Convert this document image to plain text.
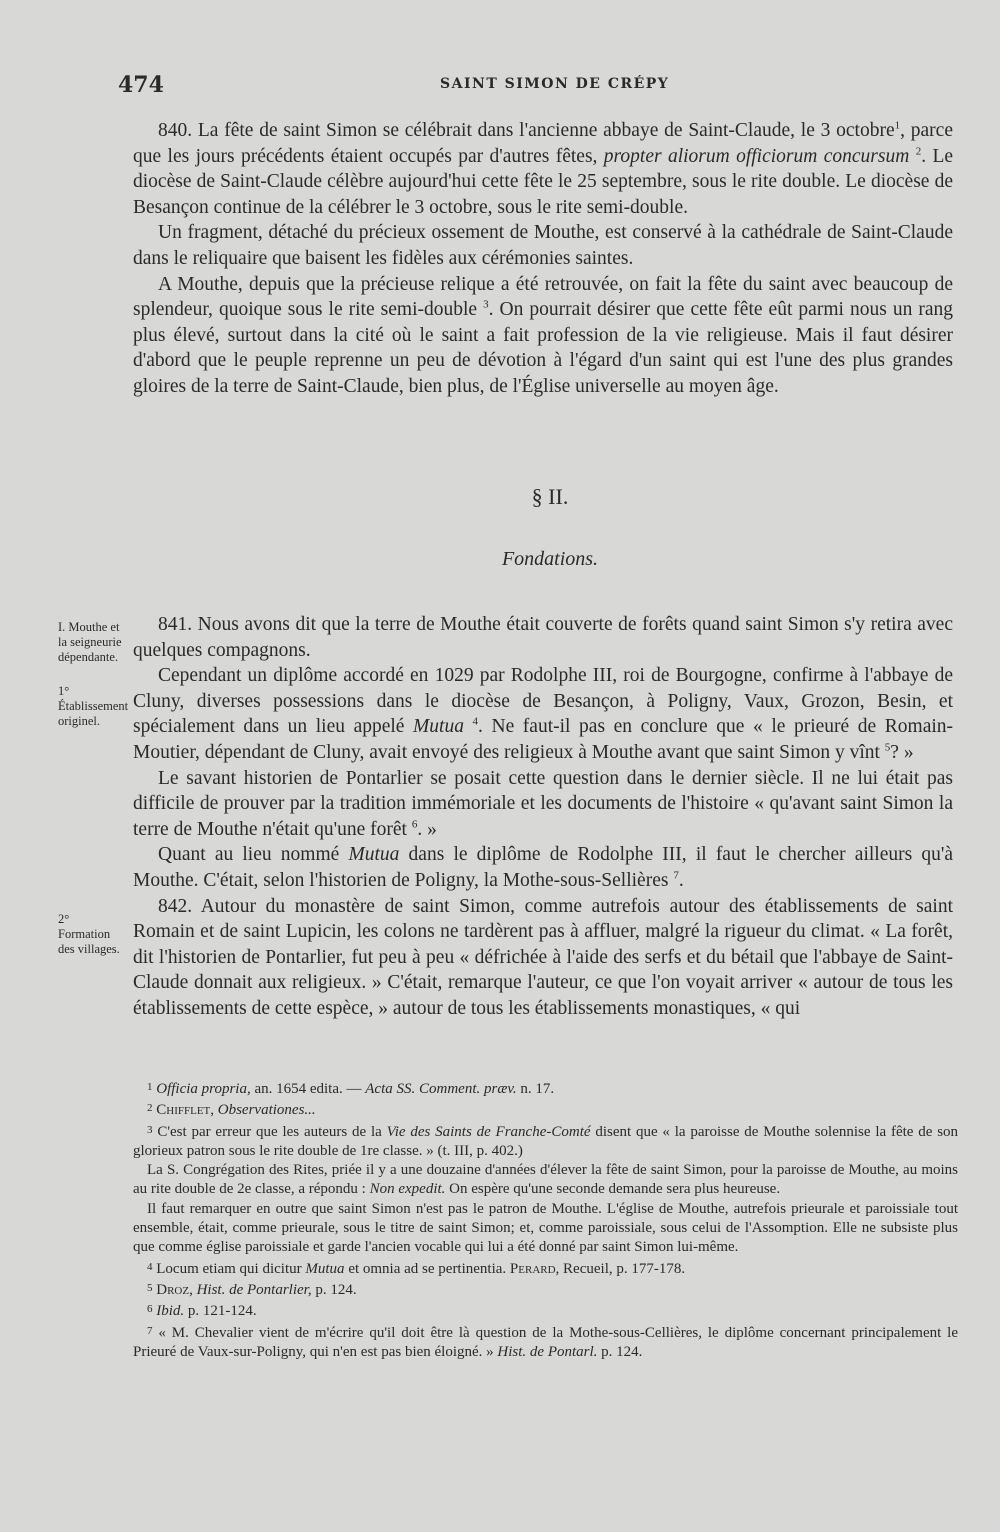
474	SAINT SIMON DE CRÉPY

840. La fête de saint Simon se célébrait dans l'ancienne abbaye de Saint-Claude, le 3 octobre$^1$, parce que les jours précédents étaient occupés par d'autres fêtes, propter aliorum officiorum concursum $^2$. Le diocèse de Saint-Claude célèbre aujourd'hui cette fête le 25 septembre, sous le rite double. Le diocèse de Besançon continue de la célébrer le 3 octobre, sous le rite semi-double.

Un fragment, détaché du précieux ossement de Mouthe, est conservé à la cathédrale de Saint-Claude dans le reliquaire que baisent les fidèles aux cérémonies saintes.

A Mouthe, depuis que la précieuse relique a été retrouvée, on fait la fête du saint avec beaucoup de splendeur, quoique sous le rite semi-double $^3$. On pourrait désirer que cette fête eût parmi nous un rang plus élevé, surtout dans la cité où le saint a fait profession de la vie religieuse. Mais il faut désirer d'abord que le peuple reprenne un peu de dévotion à l'égard d'un saint qui est l'une des plus grandes gloires de la terre de Saint-Claude, bien plus, de l'Église universelle au moyen âge.

§ II.
Fondations.
I. Mouthe et la seigneurie dépendante.
1° Établissement originel.
2° Formation des villages.

841. Nous avons dit que la terre de Mouthe était couverte de forêts quand saint Simon s'y retira avec quelques compagnons.

Cependant un diplôme accordé en 1029 par Rodolphe III, roi de Bourgogne, confirme à l'abbaye de Cluny, diverses possessions dans le diocèse de Besançon, à Poligny, Vaux, Grozon, Besin, et spécialement dans un lieu appelé Mutua $^4$. Ne faut-il pas en conclure que « le prieuré de Romain-Moutier, dépendant de Cluny, avait envoyé des religieux à Mouthe avant que saint Simon y vînt $^5$? »

Le savant historien de Pontarlier se posait cette question dans le dernier siècle. Il ne lui était pas difficile de prouver par la tradition immémoriale et les documents de l'histoire « qu'avant saint Simon la terre de Mouthe n'était qu'une forêt $^6$. »

Quant au lieu nommé Mutua dans le diplôme de Rodolphe III, il faut le chercher ailleurs qu'à Mouthe. C'était, selon l'historien de Poligny, la Mothe-sous-Sellières $^7$.

842. Autour du monastère de saint Simon, comme autrefois autour des établissements de saint Romain et de saint Lupicin, les colons ne tardèrent pas à affluer, malgré la rigueur du climat. « La forêt, dit l'historien de Pontarlier, fut peu à peu « défrichée à l'aide des serfs et du bétail que l'abbaye de Saint-Claude donnait aux religieux. » C'était, remarque l'auteur, ce que l'on voyait arriver « autour de tous les établissements de cette espèce, » autour de tous les établissements monastiques, « qui

$^1$ Officia propria, an. 1654 edita. — Acta SS. Comment. præv. n. 17.

$^2$ Chifflet, Observationes...

$^3$ C'est par erreur que les auteurs de la Vie des Saints de Franche-Comté disent que « la paroisse de Mouthe solennise la fête de son glorieux patron sous le rite double de 1re classe. » (t. III, p. 402.)

La S. Congrégation des Rites, priée il y a une douzaine d'années d'élever la fête de saint Simon, pour la paroisse de Mouthe, au moins au rite double de 2e classe, a répondu : Non expedit. On espère qu'une seconde demande sera plus heureuse.

Il faut remarquer en outre que saint Simon n'est pas le patron de Mouthe. L'église de Mouthe, autrefois prieurale et paroissiale tout ensemble, était, comme prieurale, sous le titre de saint Simon; et, comme paroissiale, sous celui de l'Assomption. Elle ne subsiste plus que comme église paroissiale et garde l'ancien vocable qui lui a été donné par saint Simon lui-même.

$^4$ Locum etiam qui dicitur Mutua et omnia ad se pertinentia. Perard, Recueil, p. 177-178.

$^5$ Droz, Hist. de Pontarlier, p. 124.

$^6$ Ibid. p. 121-124.

$^7$ « M. Chevalier vient de m'écrire qu'il doit être là question de la Mothe-sous-Cellières, le diplôme concernant principalement le Prieuré de Vaux-sur-Poligny, qui n'en est pas bien éloigné. » Hist. de Pontarl. p. 124.
